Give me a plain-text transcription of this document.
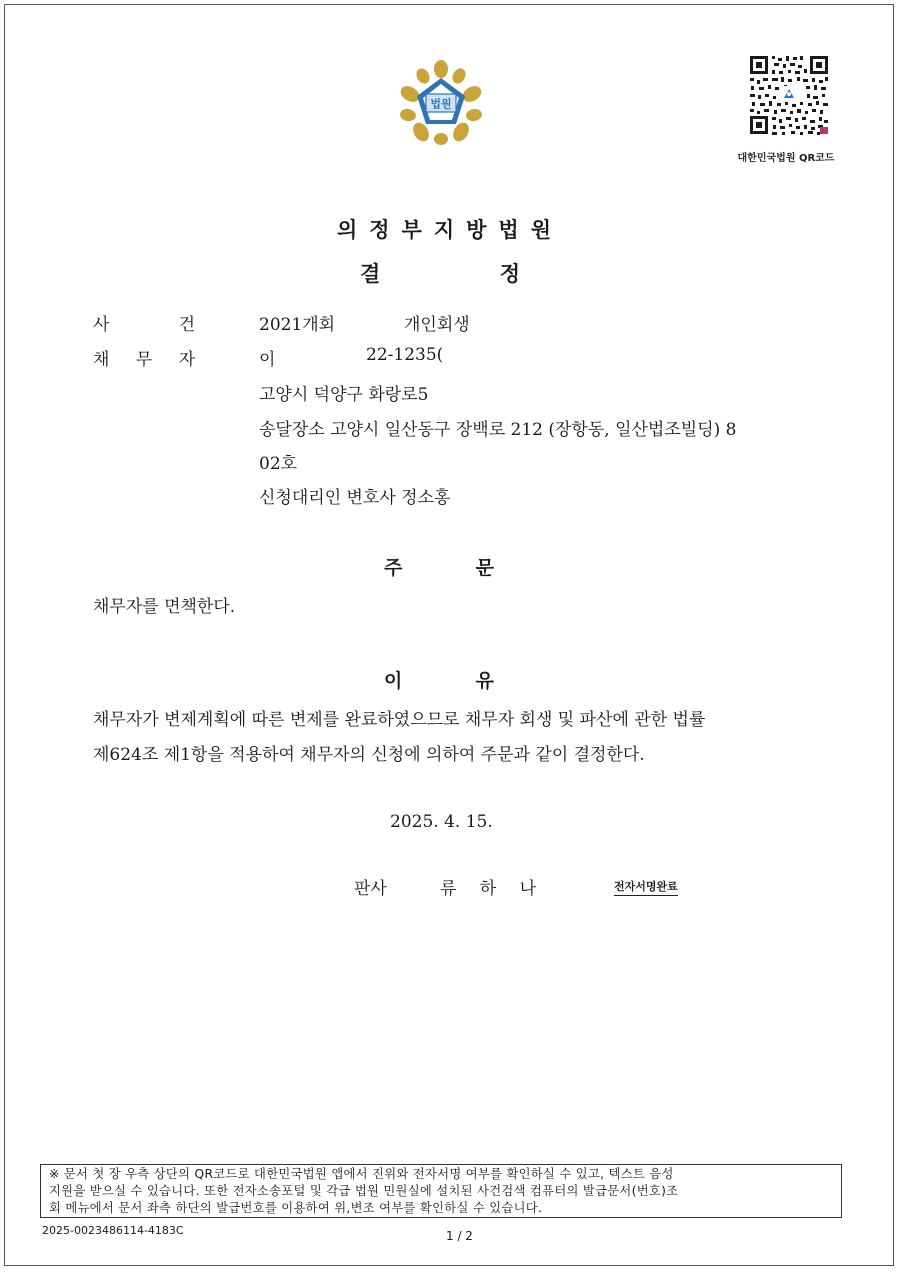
법원
대한민국법원 QR코드
의정부지방법원
결	정
사	건	2021개회	개인회생
채 무 자	이	22-1235(
고양시 덕양구 화랑로5
송달장소 고양시 일산동구 장백로 212 (장항동, 일산법조빌딩) 8
02호
신청대리인 변호사 정소홍
주	문
채무자를 면책한다.
이	유
채무자가 변제계획에 따른 변제를 완료하였으므로 채무자 회생 및 파산에 관한 법률
제624조 제1항을 적용하여 채무자의 신청에 의하여 주문과 같이 결정한다.
2025. 4. 15.
판사	류 하 나	전자서명완료
※ 문서 첫 장 우측 상단의 QR코드로 대한민국법원 앱에서 진위와 전자서명 여부를 확인하실 수 있고, 텍스트 음성
지원을 받으실 수 있습니다. 또한 전자소송포털 및 각급 법원 민원실에 설치된 사건검색 컴퓨터의 발급문서(번호)조
회 메뉴에서 문서 좌측 하단의 발급번호를 이용하여 위,변조 여부를 확인하실 수 있습니다.
2025-0023486114-4183C	1 / 2
